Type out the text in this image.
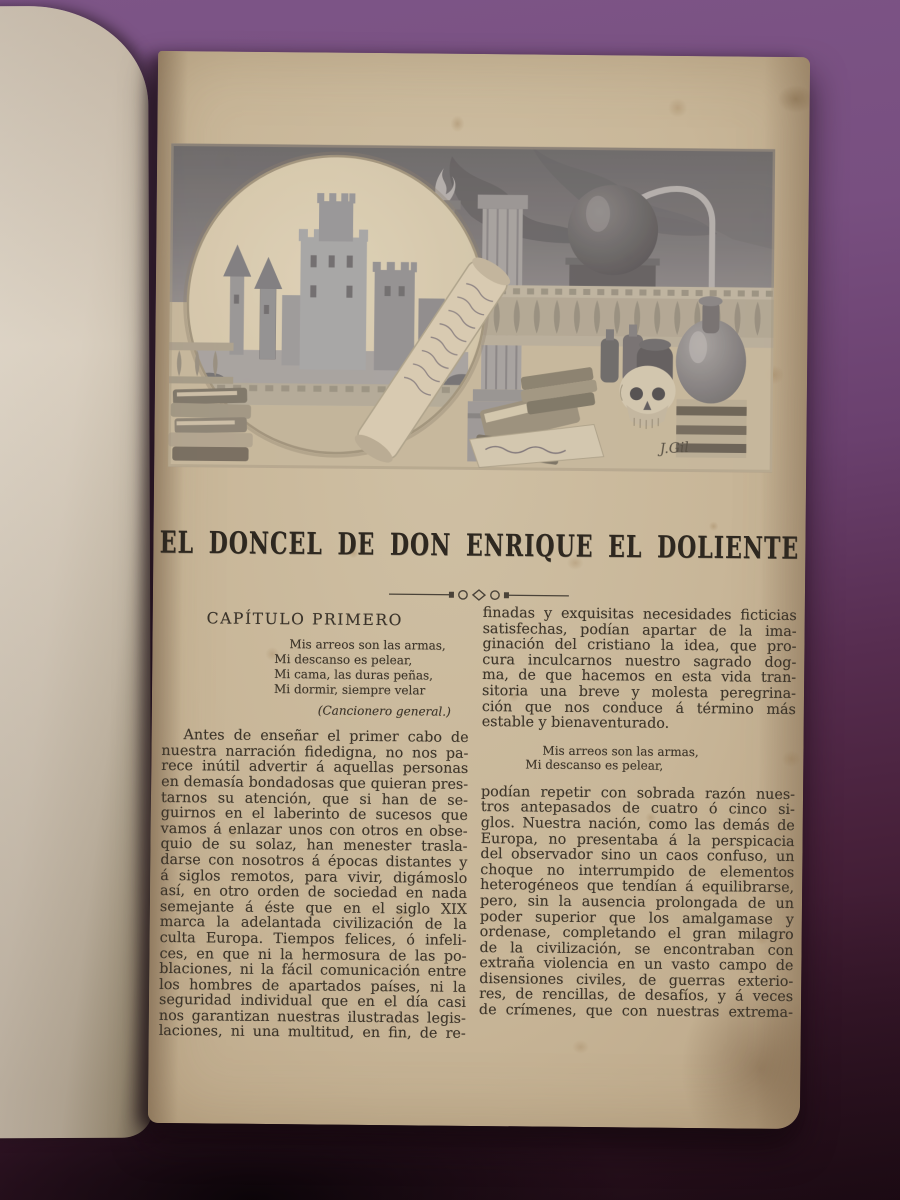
J.Gil
EL DONCEL DE DON ENRIQUE EL DOLIENTE
CAPÍTULO PRIMERO
Mis arreos son las armas,
Mi descanso es pelear,
Mi cama, las duras peñas,
Mi dormir, siempre velar
(Cancionero general.)
Antes de enseñar el primer cabo de
nuestra narración fidedigna, no nos pa-
rece inútil advertir á aquellas personas
en demasía bondadosas que quieran pres-
tarnos su atención, que si han de se-
guirnos en el laberinto de sucesos que
vamos á enlazar unos con otros en obse-
quio de su solaz, han menester trasla-
darse con nosotros á épocas distantes y
á siglos remotos, para vivir, digámoslo
así, en otro orden de sociedad en nada
semejante á éste que en el siglo XIX
marca la adelantada civilización de la
culta Europa. Tiempos felices, ó infeli-
ces, en que ni la hermosura de las po-
blaciones, ni la fácil comunicación entre
los hombres de apartados países, ni la
seguridad individual que en el día casi
nos garantizan nuestras ilustradas legis-
laciones, ni una multitud, en fin, de re-
finadas y exquisitas necesidades ficticias
satisfechas, podían apartar de la ima-
ginación del cristiano la idea, que pro-
cura inculcarnos nuestro sagrado dog-
ma, de que hacemos en esta vida tran-
sitoria una breve y molesta peregrina-
ción que nos conduce á término más
estable y bienaventurado.
Mis arreos son las armas,
Mi descanso es pelear,
podían repetir con sobrada razón nues-
tros antepasados de cuatro ó cinco si-
glos. Nuestra nación, como las demás de
Europa, no presentaba á la perspicacia
del observador sino un caos confuso, un
choque no interrumpido de elementos
heterogéneos que tendían á equilibrarse,
pero, sin la ausencia prolongada de un
poder superior que los amalgamase y
ordenase, completando el gran milagro
de la civilización, se encontraban con
extraña violencia en un vasto campo de
disensiones civiles, de guerras exterio-
res, de rencillas, de desafíos, y á veces
de crímenes, que con nuestras extrema-
